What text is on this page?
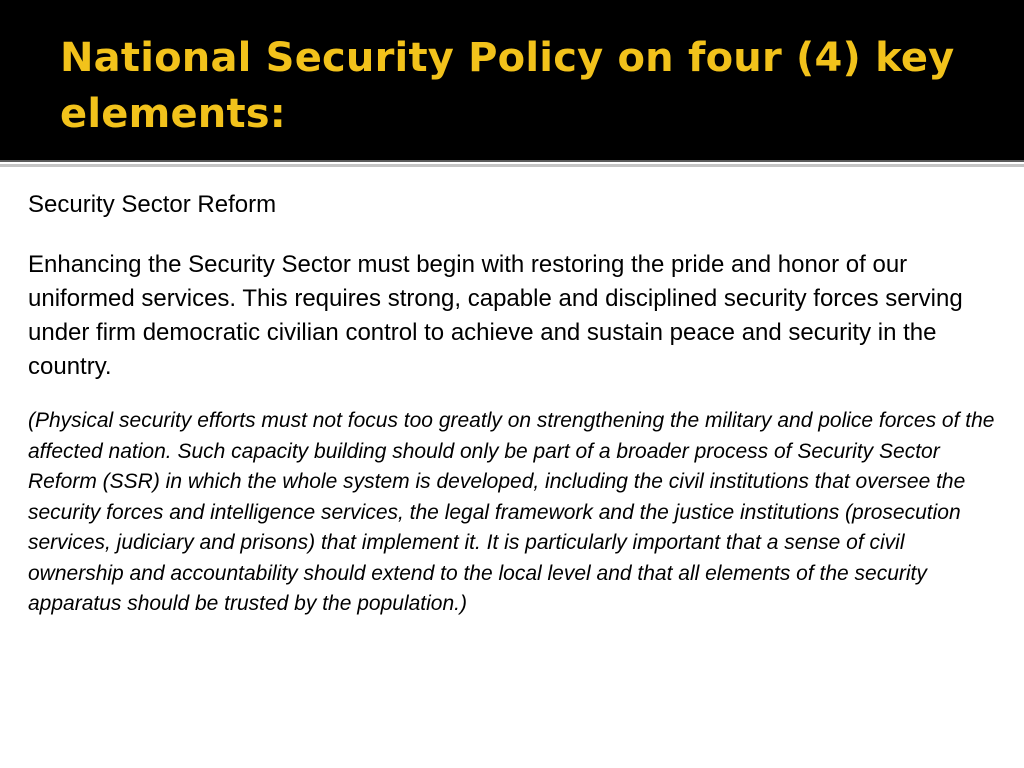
National Security Policy on four (4) key elements:

Security Sector Reform

Enhancing the Security Sector must begin with restoring the pride and honor of our uniformed services. This requires strong, capable and disciplined security forces serving under firm democratic civilian control to achieve and sustain peace and security in the country.

(Physical security efforts must not focus too greatly on strengthening the military and police forces of the affected nation. Such capacity building should only be part of a broader process of Security Sector Reform (SSR) in which the whole system is developed, including the civil institutions that oversee the security forces and intelligence services, the legal framework and the justice institutions (prosecution services, judiciary and prisons) that implement it. It is particularly important that a sense of civil ownership and accountability should extend to the local level and that all elements of the security apparatus should be trusted by the population.)
